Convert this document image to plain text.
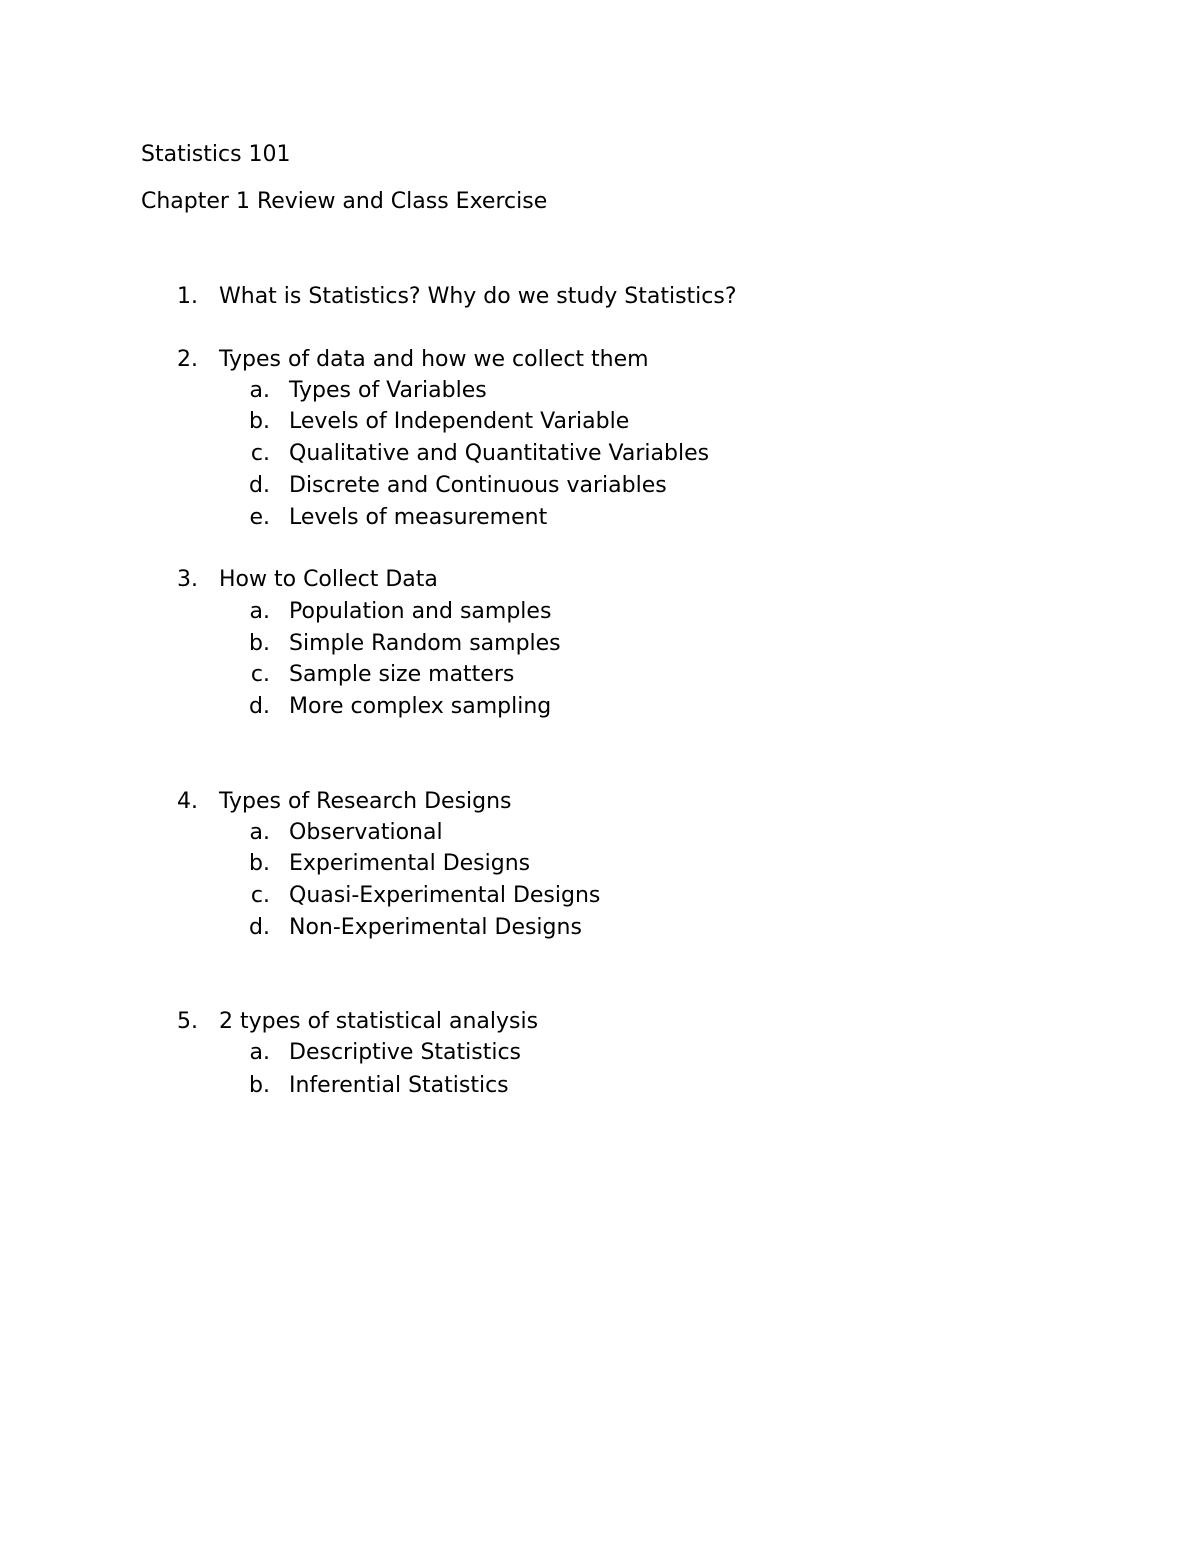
Statistics 101
Chapter 1 Review and Class Exercise
1. What is Statistics? Why do we study Statistics?
2. Types of data and how we collect them
a. Types of Variables
b. Levels of Independent Variable
c. Qualitative and Quantitative Variables
d. Discrete and Continuous variables
e. Levels of measurement
3. How to Collect Data
a. Population and samples
b. Simple Random samples
c. Sample size matters
d. More complex sampling
4. Types of Research Designs
a. Observational
b. Experimental Designs
c. Quasi-Experimental Designs
d. Non-Experimental Designs
5. 2 types of statistical analysis
a. Descriptive Statistics
b. Inferential Statistics
